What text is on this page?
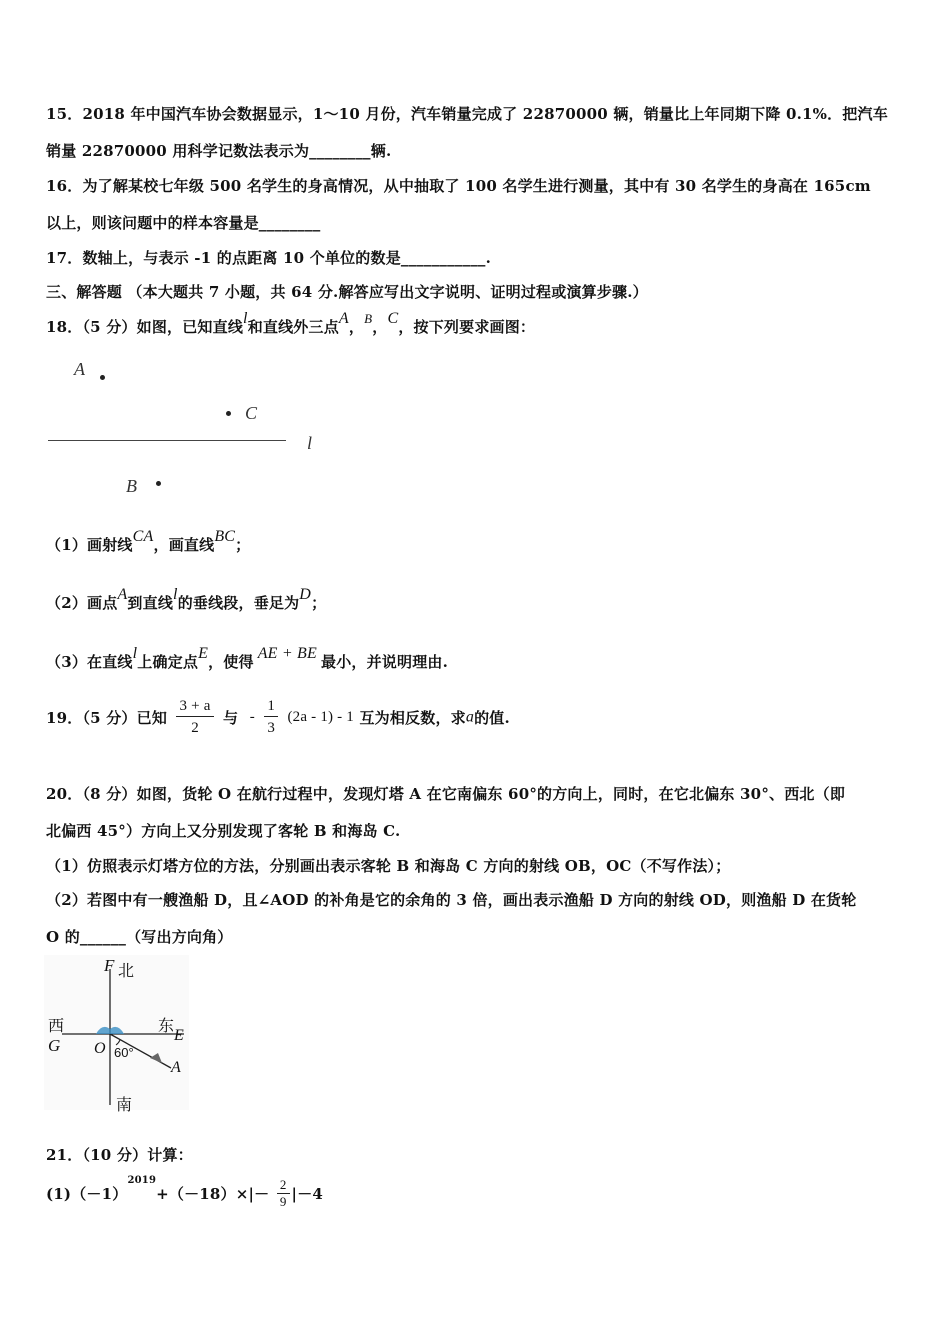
15．2018 年中国汽车协会数据显示，1～10 月份，汽车销量完成了 22870000 辆，销量比上年同期下降 0.1%．把汽车
销量 22870000 用科学记数法表示为________辆.
16．为了解某校七年级 500 名学生的身高情况，从中抽取了 100 名学生进行测量，其中有 30 名学生的身高在 165cm
以上，则该问题中的样本容量是________
17．数轴上，与表示 -1 的点距离 10 个单位的数是___________.
三、解答题 （本大题共 7 小题，共 64 分.解答应写出文字说明、证明过程或演算步骤.）
18．（5 分）如图，已知直线l和直线外三点A，B，C，按下列要求画图：
A
C
l
B
（1）画射线CA，画直线BC；
（2）画点A到直线l的垂线段，垂足为D；
（3）在直线l上确定点E，使得 AE + BE 最小，并说明理由.
19．（5 分）已知 $\frac{3 + a}{2}$ 与 - $\frac{1}{3} (2a - 1) - 1$ 互为相反数，求a的值.
20．（8 分）如图，货轮 O 在航行过程中，发现灯塔 A 在它南偏东 60°的方向上，同时，在它北偏东 30°、西北（即
北偏西 45°）方向上又分别发现了客轮 B 和海岛 C.
（1）仿照表示灯塔方位的方法，分别画出表示客轮 B 和海岛 C 方向的射线 OB，OC（不写作法）；
（2）若图中有一艘渔船 D，且∠AOD 的补角是它的余角的 3 倍，画出表示渔船 D 方向的射线 OD，则渔船 D 在货轮
O 的______（写出方向角）
F 北
西	东
G O
E
60°
A
南
21．（10 分）计算：
$(1)(-1)^{2019}+(-18)\times|- \frac{2}{9} |-4$
